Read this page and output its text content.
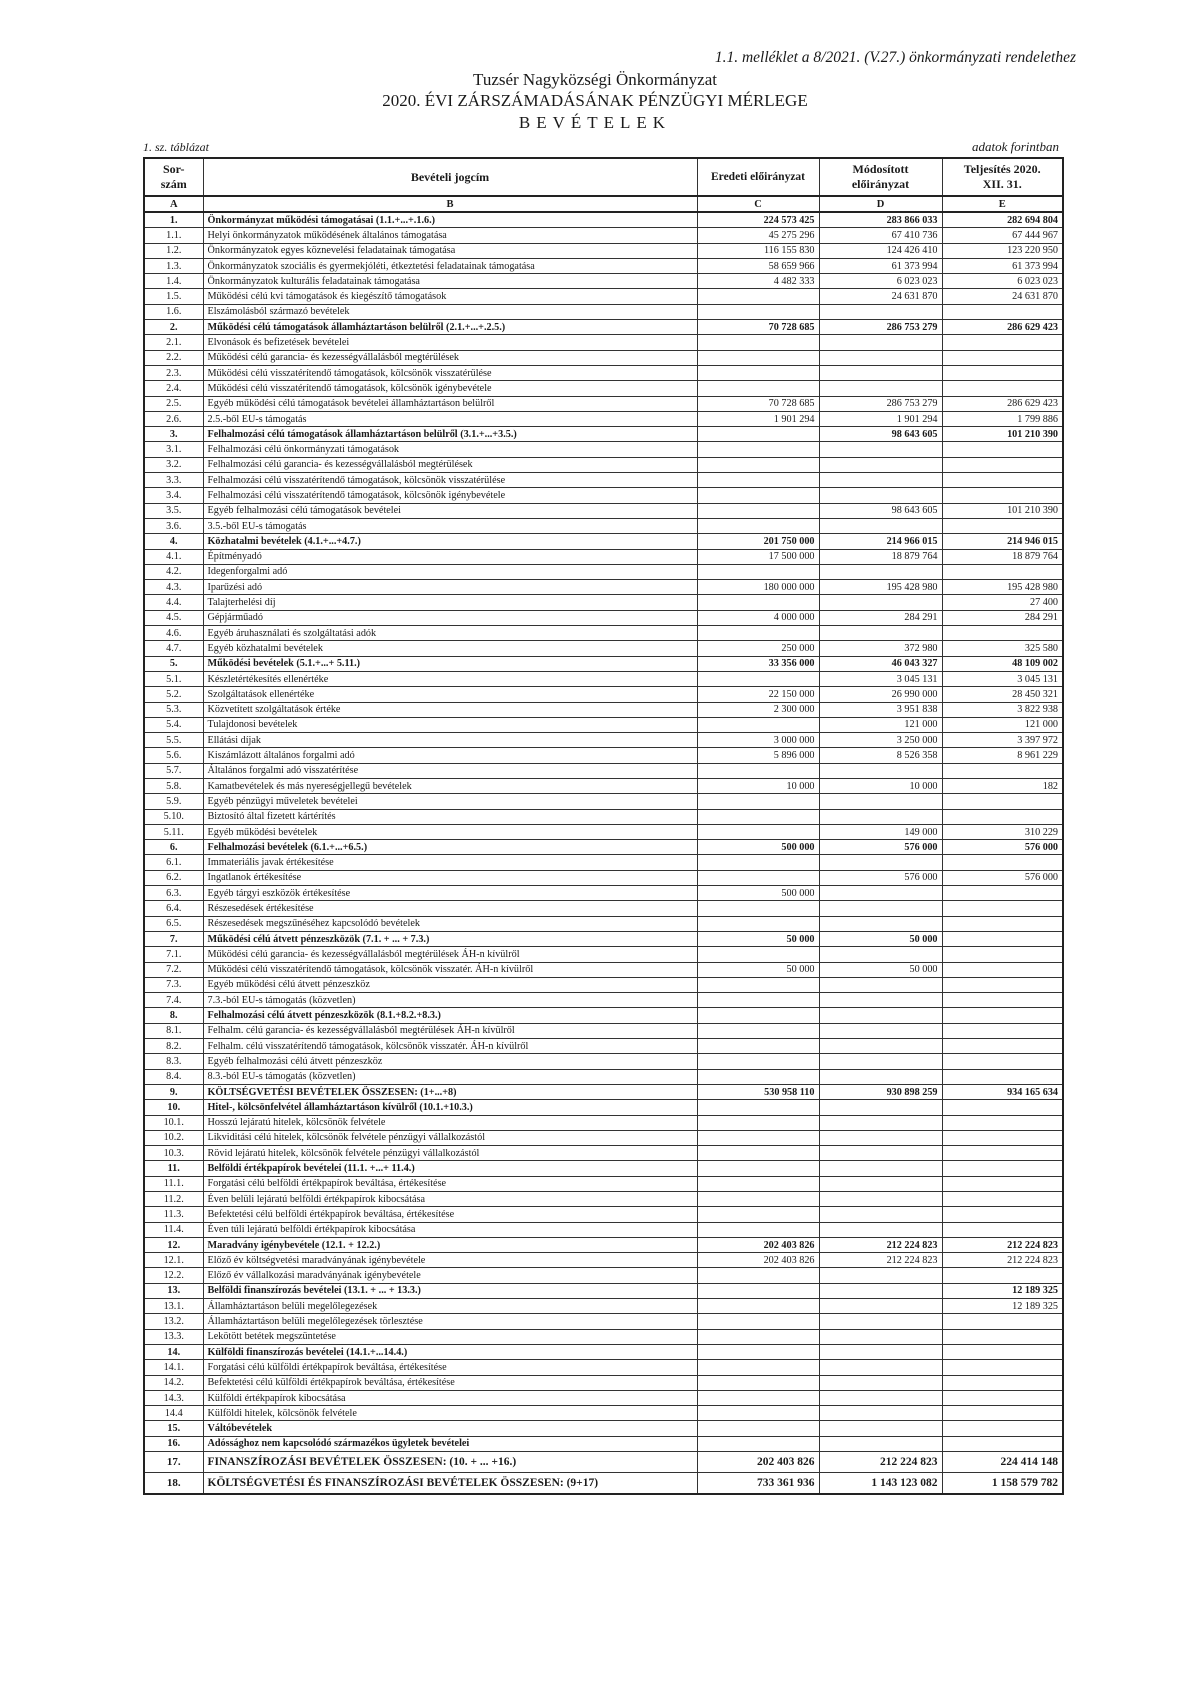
1.1. melléklet a 8/2021. (V.27.) önkormányzati rendelethez
Tuzsér Nagyközségi Önkormányzat
2020. ÉVI ZÁRSZÁMADÁSÁNAK PÉNZÜGYI MÉRLEGE
BEVÉTELEK
1. sz. táblázat	adatok forintban
Sor-szám	Bevételi jogcím	Eredeti előirányzat	Módosított előirányzat	Teljesítés 2020. XII. 31.
A	B	C	D	E
1.	Önkormányzat működési támogatásai (1.1.+...+.1.6.)	224 573 425	283 866 033	282 694 804
1.1.	Helyi önkormányzatok működésének általános támogatása	45 275 296	67 410 736	67 444 967
1.2.	Önkormányzatok egyes köznevelési feladatainak támogatása	116 155 830	124 426 410	123 220 950
1.3.	Önkormányzatok szociális és gyermekjóléti, étkeztetési feladatainak támogatása	58 659 966	61 373 994	61 373 994
1.4.	Önkormányzatok kulturális feladatainak támogatása	4 482 333	6 023 023	6 023 023
1.5.	Működési célú kvi támogatások és kiegészítő támogatások		24 631 870	24 631 870
1.6.	Elszámolásból származó bevételek			
2.	Működési célú támogatások államháztartáson belülről (2.1.+...+.2.5.)	70 728 685	286 753 279	286 629 423
2.1.	Elvonások és befizetések bevételei			
2.2.	Működési célú garancia- és kezességvállalásból megtérülések			
2.3.	Működési célú visszatérítendő támogatások, kölcsönök visszatérülése			
2.4.	Működési célú visszatérítendő támogatások, kölcsönök igénybevétele			
2.5.	Egyéb működési célú támogatások bevételei államháztartáson belülről	70 728 685	286 753 279	286 629 423
2.6.	2.5.-ből EU-s támogatás	1 901 294	1 901 294	1 799 886
3.	Felhalmozási célú támogatások államháztartáson belülről (3.1.+...+3.5.)		98 643 605	101 210 390
3.1.	Felhalmozási célú önkormányzati támogatások			
3.2.	Felhalmozási célú garancia- és kezességvállalásból megtérülések			
3.3.	Felhalmozási célú visszatérítendő támogatások, kölcsönök visszatérülése			
3.4.	Felhalmozási célú visszatérítendő támogatások, kölcsönök igénybevétele			
3.5.	Egyéb felhalmozási célú támogatások bevételei		98 643 605	101 210 390
3.6.	3.5.-ből EU-s támogatás			
4.	Közhatalmi bevételek (4.1.+...+4.7.)	201 750 000	214 966 015	214 946 015
4.1.	Építményadó	17 500 000	18 879 764	18 879 764
4.2.	Idegenforgalmi adó			
4.3.	Iparűzési adó	180 000 000	195 428 980	195 428 980
4.4.	Talajterhelési díj			27 400
4.5.	Gépjárműadó	4 000 000	284 291	284 291
4.6.	Egyéb áruhasználati és szolgáltatási adók			
4.7.	Egyéb közhatalmi bevételek	250 000	372 980	325 580
5.	Működési bevételek (5.1.+...+ 5.11.)	33 356 000	46 043 327	48 109 002
5.1.	Készletértékesítés ellenértéke		3 045 131	3 045 131
5.2.	Szolgáltatások ellenértéke	22 150 000	26 990 000	28 450 321
5.3.	Közvetített szolgáltatások értéke	2 300 000	3 951 838	3 822 938
5.4.	Tulajdonosi bevételek		121 000	121 000
5.5.	Ellátási díjak	3 000 000	3 250 000	3 397 972
5.6.	Kiszámlázott általános forgalmi adó	5 896 000	8 526 358	8 961 229
5.7.	Általános forgalmi adó visszatérítése			
5.8.	Kamatbevételek és más nyereségjellegű bevételek	10 000	10 000	182
5.9.	Egyéb pénzügyi műveletek bevételei			
5.10.	Biztosító által fizetett kártérítés			
5.11.	Egyéb működési bevételek		149 000	310 229
6.	Felhalmozási bevételek (6.1.+...+6.5.)	500 000	576 000	576 000
6.1.	Immateriális javak értékesítése			
6.2.	Ingatlanok értékesítése		576 000	576 000
6.3.	Egyéb tárgyi eszközök értékesítése	500 000		
6.4.	Részesedések értékesítése			
6.5.	Részesedések megszűnéséhez kapcsolódó bevételek			
7.	Működési célú átvett pénzeszközök (7.1. + ... + 7.3.)	50 000	50 000	
7.1.	Működési célú garancia- és kezességvállalásból megtérülések ÁH-n kívülről			
7.2.	Működési célú visszatérítendő támogatások, kölcsönök visszatér. ÁH-n kívülről	50 000	50 000	
7.3.	Egyéb működési célú átvett pénzeszköz			
7.4.	7.3.-ból EU-s támogatás (közvetlen)			
8.	Felhalmozási célú átvett pénzeszközök (8.1.+8.2.+8.3.)			
8.1.	Felhalm. célú garancia- és kezességvállalásból megtérülések ÁH-n kívülről			
8.2.	Felhalm. célú visszatérítendő támogatások, kölcsönök visszatér. ÁH-n kívülről			
8.3.	Egyéb felhalmozási célú átvett pénzeszköz			
8.4.	8.3.-ból EU-s támogatás (közvetlen)			
9.	KÖLTSÉGVETÉSI BEVÉTELEK ÖSSZESEN: (1+...+8)	530 958 110	930 898 259	934 165 634
10.	Hitel-, kölcsönfelvétel államháztartáson kívülről (10.1.+10.3.)			
10.1.	Hosszú lejáratú hitelek, kölcsönök felvétele			
10.2.	Likviditási célú hitelek, kölcsönök felvétele pénzügyi vállalkozástól			
10.3.	Rövid lejáratú hitelek, kölcsönök felvétele pénzügyi vállalkozástól			
11.	Belföldi értékpapírok bevételei (11.1. +...+ 11.4.)			
11.1.	Forgatási célú belföldi értékpapírok beváltása, értékesítése			
11.2.	Éven belüli lejáratú belföldi értékpapírok kibocsátása			
11.3.	Befektetési célú belföldi értékpapírok beváltása, értékesítése			
11.4.	Éven túli lejáratú belföldi értékpapírok kibocsátása			
12.	Maradvány igénybevétele (12.1. + 12.2.)	202 403 826	212 224 823	212 224 823
12.1.	Előző év költségvetési maradványának igénybevétele	202 403 826	212 224 823	212 224 823
12.2.	Előző év vállalkozási maradványának igénybevétele			
13.	Belföldi finanszírozás bevételei (13.1. + ... + 13.3.)			12 189 325
13.1.	Államháztartáson belüli megelőlegezések			12 189 325
13.2.	Államháztartáson belüli megelőlegezések törlesztése			
13.3.	Lekötött betétek megszüntetése			
14.	Külföldi finanszírozás bevételei (14.1.+...14.4.)			
14.1.	Forgatási célú külföldi értékpapírok beváltása, értékesítése			
14.2.	Befektetési célú külföldi értékpapírok beváltása, értékesítése			
14.3.	Külföldi értékpapírok kibocsátása			
14.4	Külföldi hitelek, kölcsönök felvétele			
15.	Váltóbevételek			
16.	Adóssághoz nem kapcsolódó származékos ügyletek bevételei			
17.	FINANSZÍROZÁSI BEVÉTELEK ÖSSZESEN: (10. + ... +16.)	202 403 826	212 224 823	224 414 148
18.	KÖLTSÉGVETÉSI ÉS FINANSZÍROZÁSI BEVÉTELEK ÖSSZESEN: (9+17)	733 361 936	1 143 123 082	1 158 579 782
